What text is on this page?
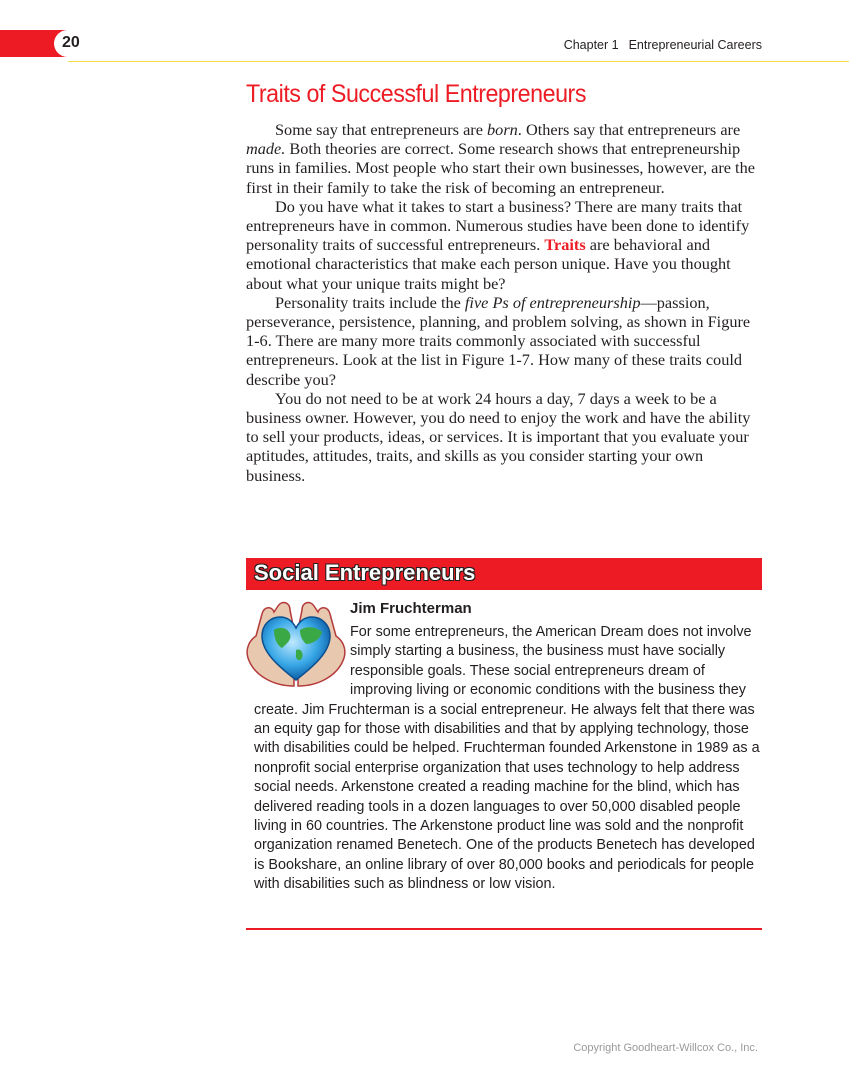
20	Chapter 1 Entrepreneurial Careers
Traits of Successful Entrepreneurs

Some say that entrepreneurs are born. Others say that entrepreneurs are made. Both theories are correct. Some research shows that entrepreneurship runs in families. Most people who start their own businesses, however, are the first in their family to take the risk of becoming an entrepreneur.

Do you have what it takes to start a business? There are many traits that entrepreneurs have in common. Numerous studies have been done to identify personality traits of successful entrepreneurs. Traits are behavioral and emotional characteristics that make each person unique. Have you thought about what your unique traits might be?

Personality traits include the five Ps of entrepreneurship—passion, perseverance, persistence, planning, and problem solving, as shown in Figure 1-6. There are many more traits commonly associated with successful entrepreneurs. Look at the list in Figure 1-7. How many of these traits could describe you?

You do not need to be at work 24 hours a day, 7 days a week to be a business owner. However, you do need to enjoy the work and have the ability to sell your products, ideas, or services. It is important that you evaluate your aptitudes, attitudes, traits, and skills as you consider starting your own business.

Social Entrepreneurs
Jim Fruchterman
For some entrepreneurs, the American Dream does not involve simply starting a business, the business must have socially responsible goals. These social entrepreneurs dream of improving living or economic conditions with the business they create. Jim Fruchterman is a social entrepreneur. He always felt that there was an equity gap for those with disabilities and that by applying technology, those with disabilities could be helped. Fruchterman founded Arkenstone in 1989 as a nonprofit social enterprise organization that uses technology to help address social needs. Arkenstone created a reading machine for the blind, which has delivered reading tools in a dozen languages to over 50,000 disabled people living in 60 countries. The Arkenstone product line was sold and the nonprofit organization renamed Benetech. One of the products Benetech has developed is Bookshare, an online library of over 80,000 books and periodicals for people with disabilities such as blindness or low vision.
Copyright Goodheart-Willcox Co., Inc.
